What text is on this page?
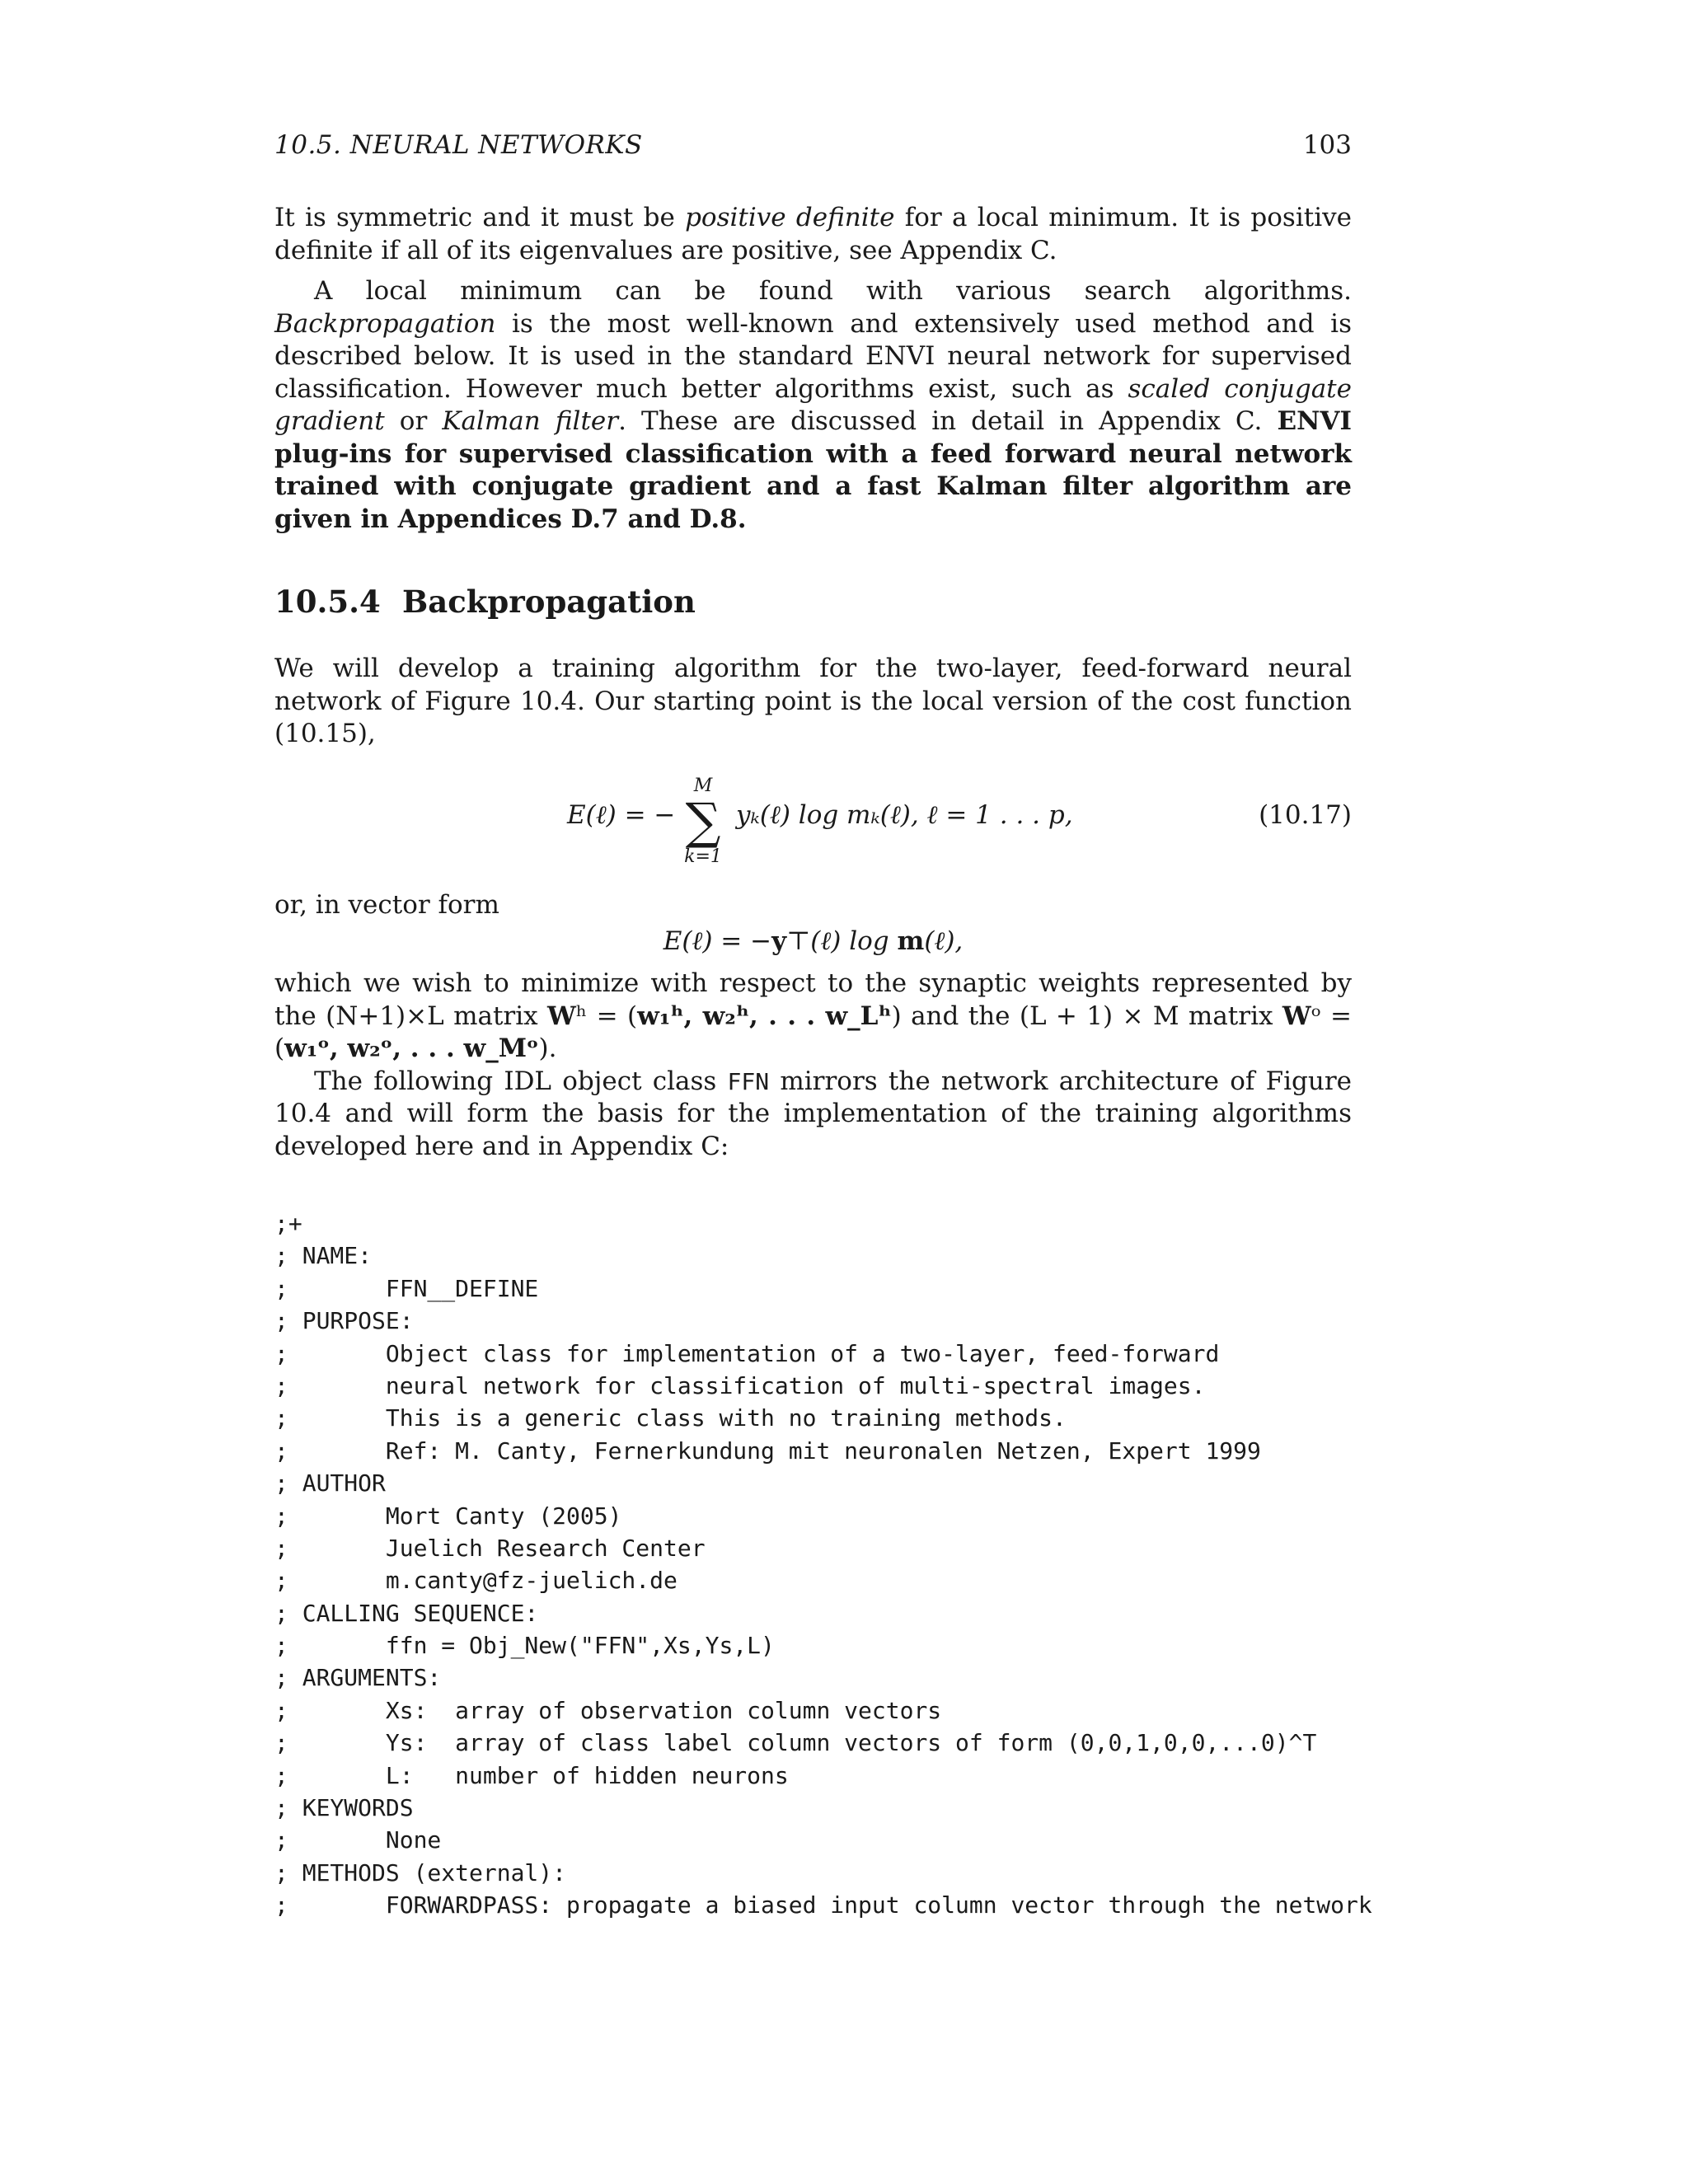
10.5. NEURAL NETWORKS	103

It is symmetric and it must be positive definite for a local minimum. It is positive definite if all of its eigenvalues are positive, see Appendix C.

A local minimum can be found with various search algorithms. Backpropagation is the most well-known and extensively used method and is described below. It is used in the standard ENVI neural network for supervised classification. However much better algorithms exist, such as scaled conjugate gradient or Kalman filter. These are discussed in detail in Appendix C. ENVI plug-ins for supervised classification with a feed forward neural network trained with conjugate gradient and a fast Kalman filter algorithm are given in Appendices D.7 and D.8.

10.5.4 Backpropagation

We will develop a training algorithm for the two-layer, feed-forward neural network of Figure 10.4. Our starting point is the local version of the cost function (10.15),

E(ℓ) = −
M
∑
k=1
yₖ(ℓ) log mₖ(ℓ), ℓ = 1 . . . p,	(10.17)

or, in vector form

E(ℓ) = −y⊤(ℓ) log m(ℓ),

which we wish to minimize with respect to the synaptic weights represented by the (N+1)×L matrix Wʰ = (w₁ʰ, w₂ʰ, . . . w_Lʰ) and the (L + 1) × M matrix Wᵒ = (w₁ᵒ, w₂ᵒ, . . . w_Mᵒ).

The following IDL object class FFN mirrors the network architecture of Figure 10.4 and will form the basis for the implementation of the training algorithms developed here and in Appendix C:

;+
; NAME:
;       FFN__DEFINE
; PURPOSE:
;       Object class for implementation of a two-layer, feed-forward
;       neural network for classification of multi-spectral images.
;       This is a generic class with no training methods.
;       Ref: M. Canty, Fernerkundung mit neuronalen Netzen, Expert 1999
; AUTHOR
;       Mort Canty (2005)
;       Juelich Research Center
;       m.canty@fz-juelich.de
; CALLING SEQUENCE:
;       ffn = Obj_New("FFN",Xs,Ys,L)
; ARGUMENTS:
;       Xs:  array of observation column vectors
;       Ys:  array of class label column vectors of form (0,0,1,0,0,...0)^T
;       L:   number of hidden neurons
; KEYWORDS
;       None
; METHODS (external):
;       FORWARDPASS: propagate a biased input column vector through the network
